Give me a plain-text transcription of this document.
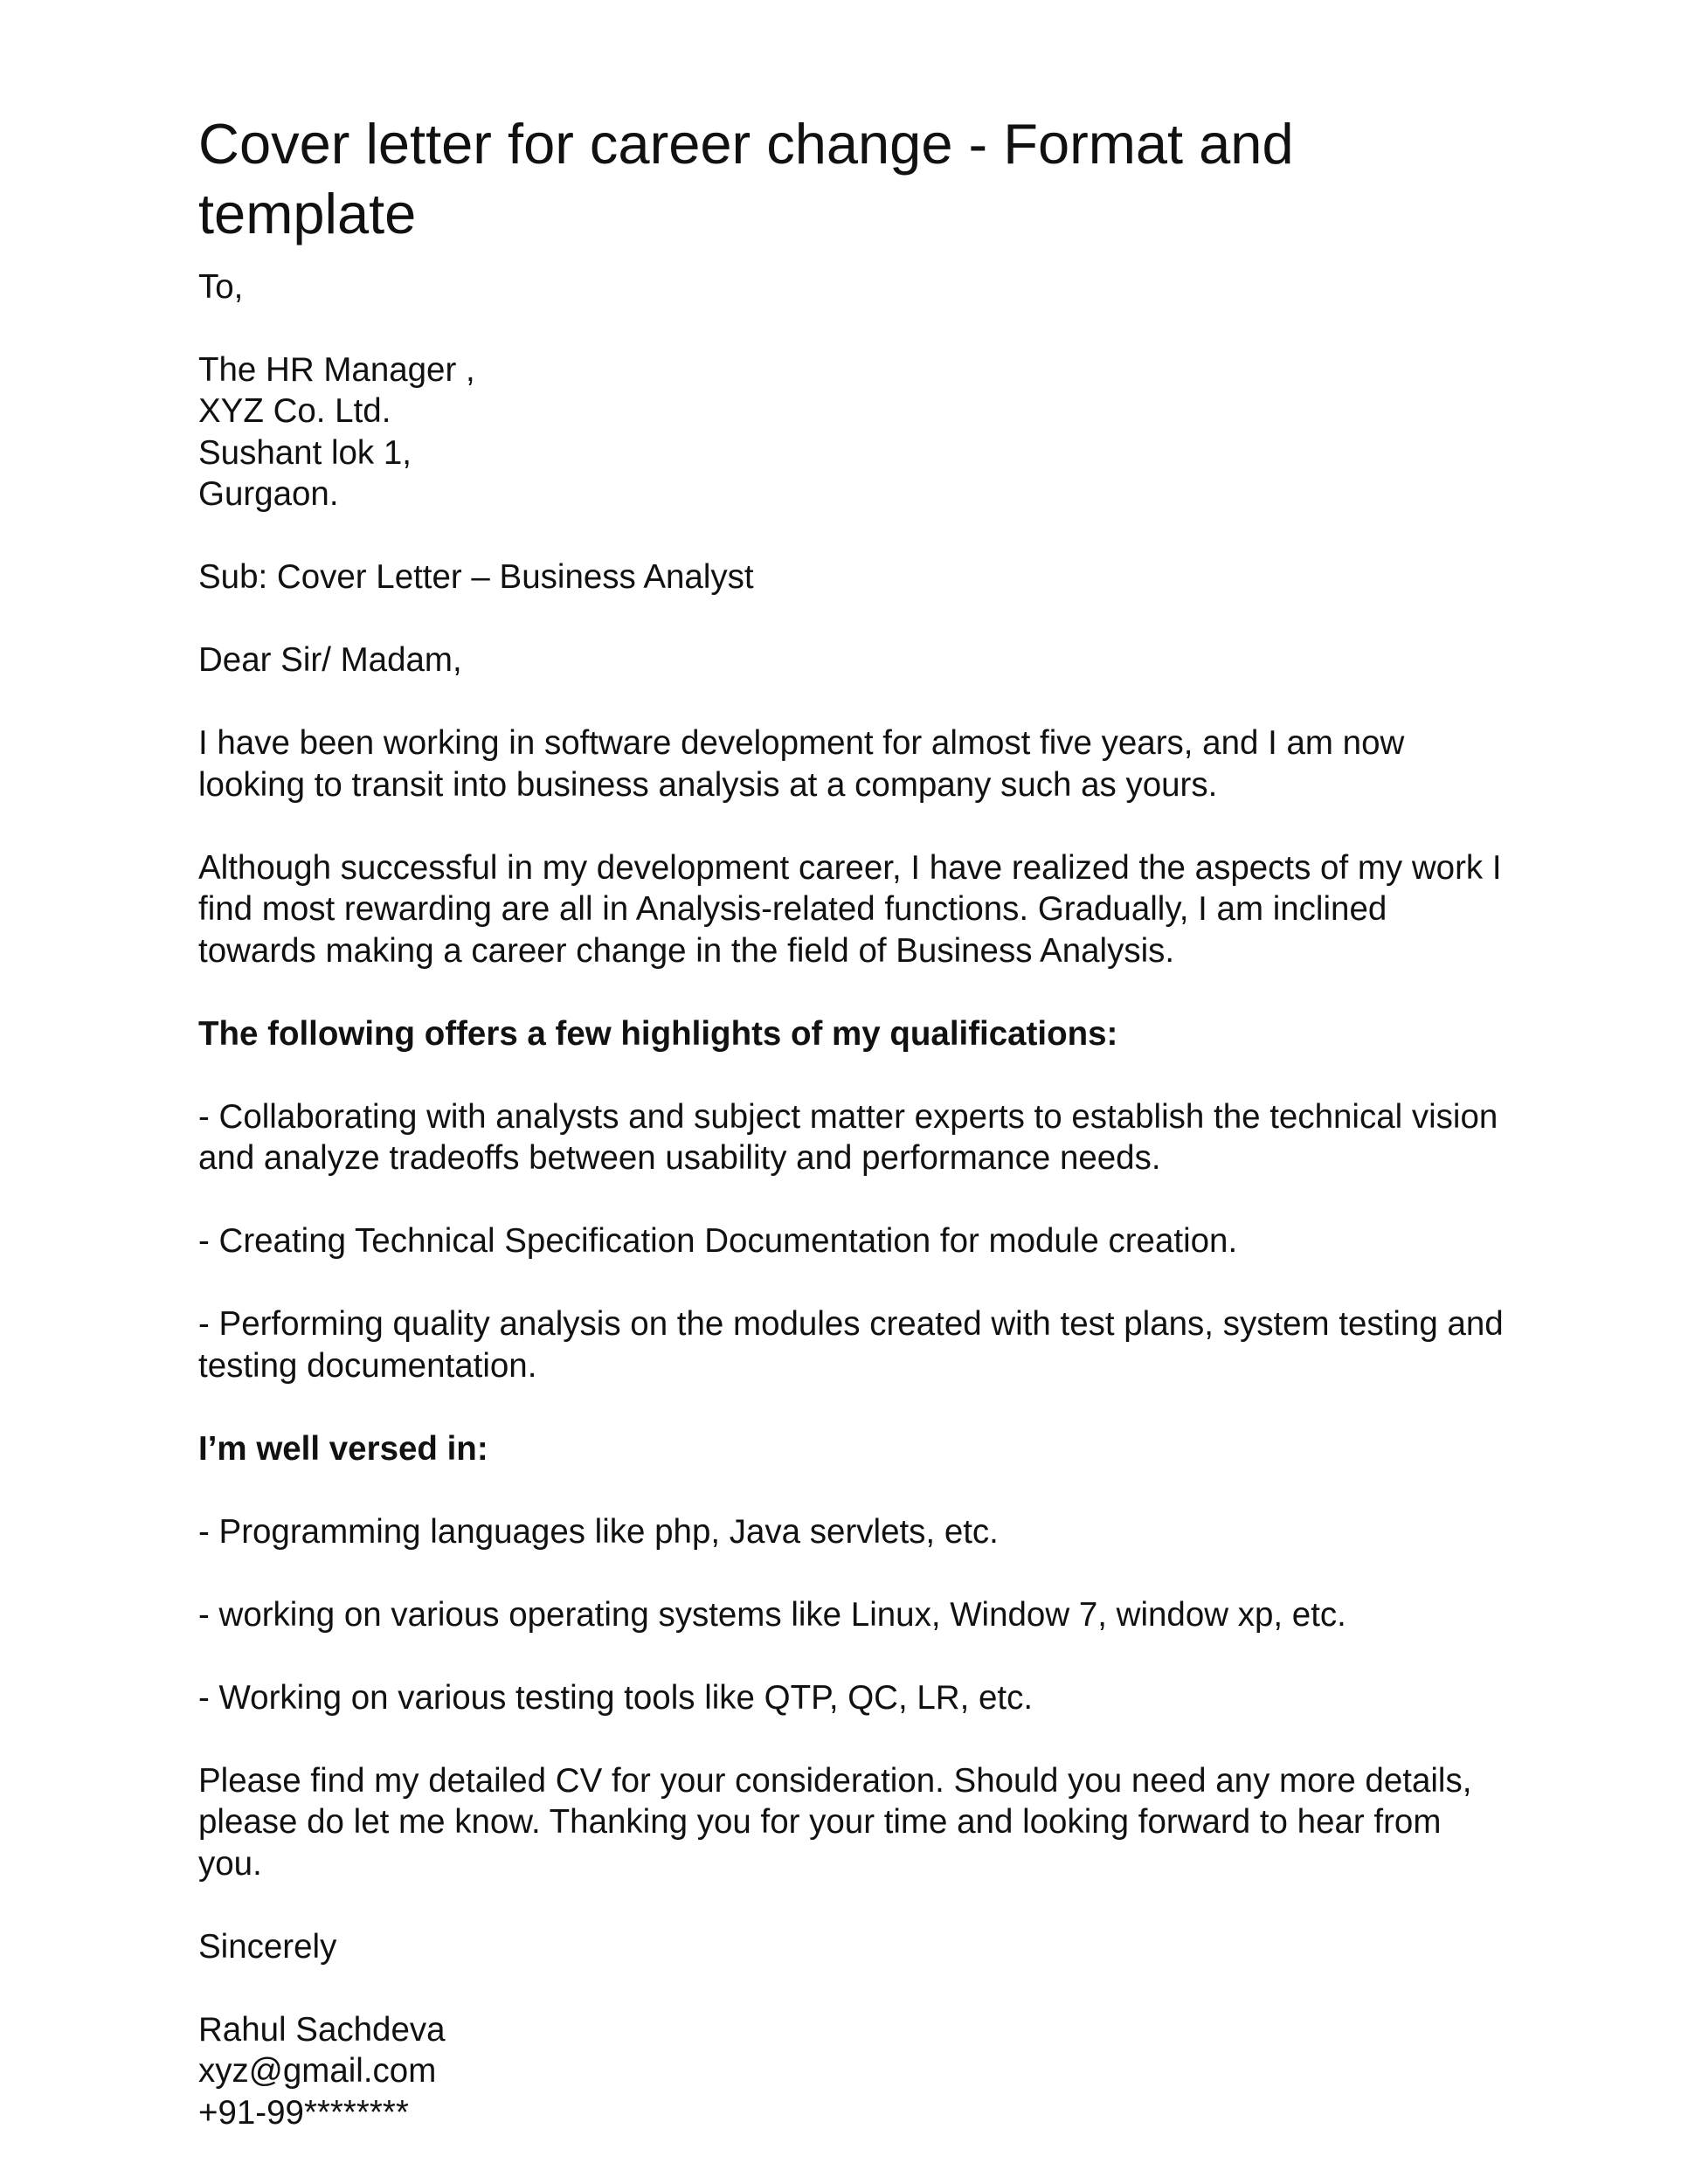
Cover letter for career change - Format and
template
To,
The HR Manager ,
XYZ Co. Ltd.
Sushant lok 1,
Gurgaon.
Sub: Cover Letter – Business Analyst
Dear Sir/ Madam,
I have been working in software development for almost five years, and I am now
looking to transit into business analysis at a company such as yours.
Although successful in my development career, I have realized the aspects of my work I
find most rewarding are all in Analysis-related functions. Gradually, I am inclined
towards making a career change in the field of Business Analysis.
The following offers a few highlights of my qualifications:
- Collaborating with analysts and subject matter experts to establish the technical vision
and analyze tradeoffs between usability and performance needs.
- Creating Technical Specification Documentation for module creation.
- Performing quality analysis on the modules created with test plans, system testing and
testing documentation.
I’m well versed in:
- Programming languages like php, Java servlets, etc.
- working on various operating systems like Linux, Window 7, window xp, etc.
- Working on various testing tools like QTP, QC, LR, etc.
Please find my detailed CV for your consideration. Should you need any more details,
please do let me know. Thanking you for your time and looking forward to hear from
you.
Sincerely
Rahul Sachdeva
xyz@gmail.com
+91-99********
